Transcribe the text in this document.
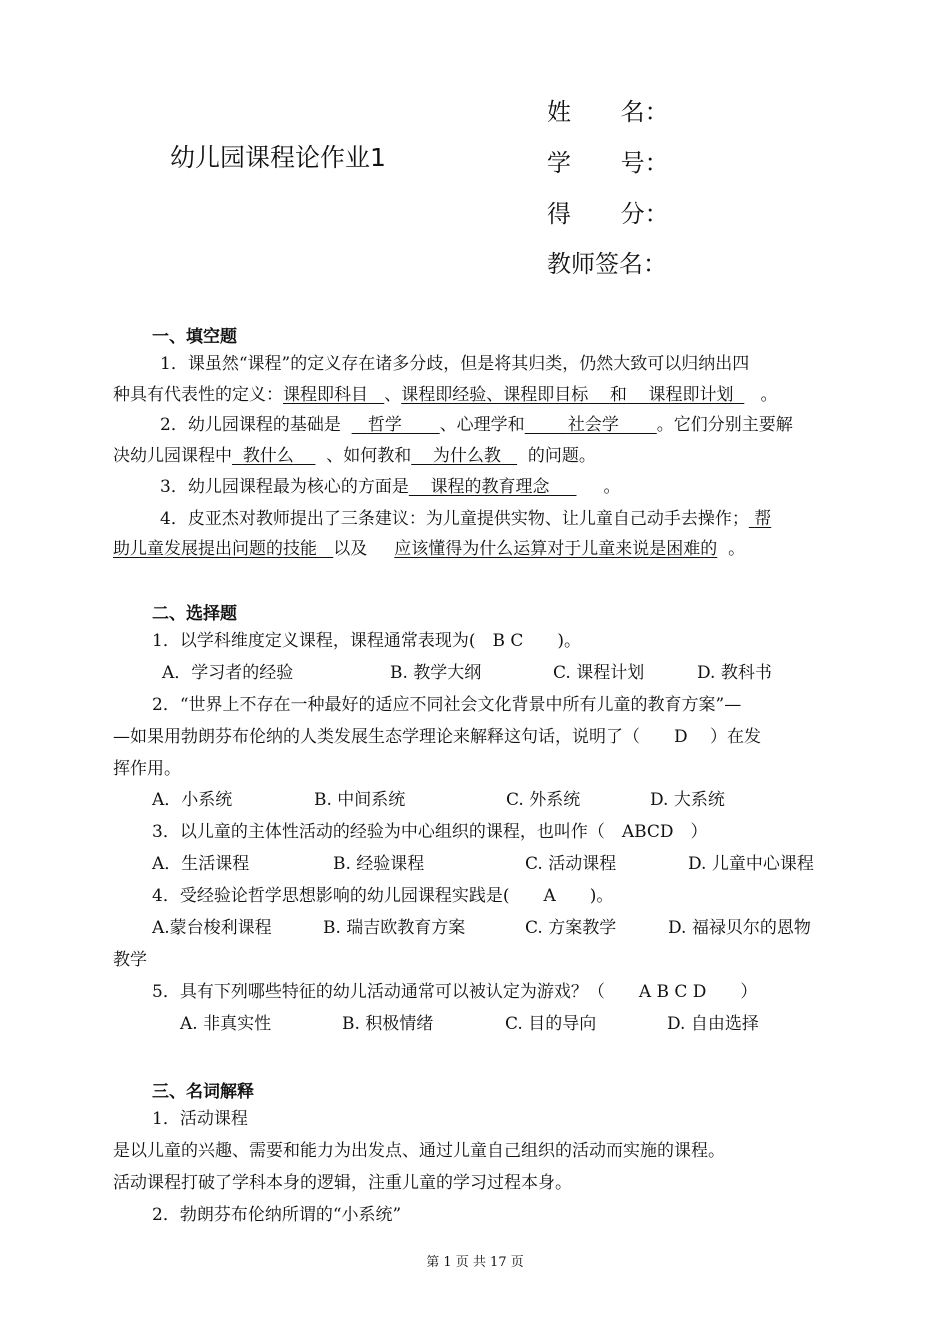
幼儿园课程论作业1
姓 名：
学 号：
得 分：
教师签名：
一、填空题
1．课虽然“课程”的定义存在诸多分歧，但是将其归类，仍然大致可以归纳出四
种具有代表性的定义：课程即科目   、课程即经验、课程即目标 和 课程即计划 。
2．幼儿园课程的基础是 哲学 、心理学和	社会学 。它们分别主要解
决幼儿园课程中 教什么 、如何教和 为什么教 的问题。
3．幼儿园课程最为核心的方面是 课程的教育理念	。
4．皮亚杰对教师提出了三条建议：为儿童提供实物、让儿童自己动手去操作； 帮
助儿童发展提出问题的技能 以及 应该懂得为什么运算对于儿童来说是困难的 。
二、选择题
1．以学科维度定义课程，课程通常表现为(　B C　　)。
A．学习者的经验	B. 教学大纲	C. 课程计划	D. 教科书
2．“世界上不存在一种最好的适应不同社会文化背景中所有儿童的教育方案”—
—如果用勃朗芬布伦纳的人类发展生态学理论来解释这句话，说明了（　　D　 ）在发
挥作用。
A．小系统	B. 中间系统	C. 外系统	D. 大系统
3．以儿童的主体性活动的经验为中心组织的课程，也叫作（　ABCD　）
A．生活课程	B. 经验课程	C. 活动课程	D. 儿童中心课程
4．受经验论哲学思想影响的幼儿园课程实践是(　　A　　)。
A.蒙台梭利课程	B. 瑞吉欧教育方案	C. 方案教学	D. 福禄贝尔的恩物
教学
5．具有下列哪些特征的幼儿活动通常可以被认定为游戏？（　　A B C D　　）
A. 非真实性	B. 积极情绪	C. 目的导向	D. 自由选择
三、名词解释
1．活动课程
是以儿童的兴趣、需要和能力为出发点、通过儿童自己组织的活动而实施的课程。
活动课程打破了学科本身的逻辑，注重儿童的学习过程本身。
2．勃朗芬布伦纳所谓的“小系统”
第 1 页 共 17 页
